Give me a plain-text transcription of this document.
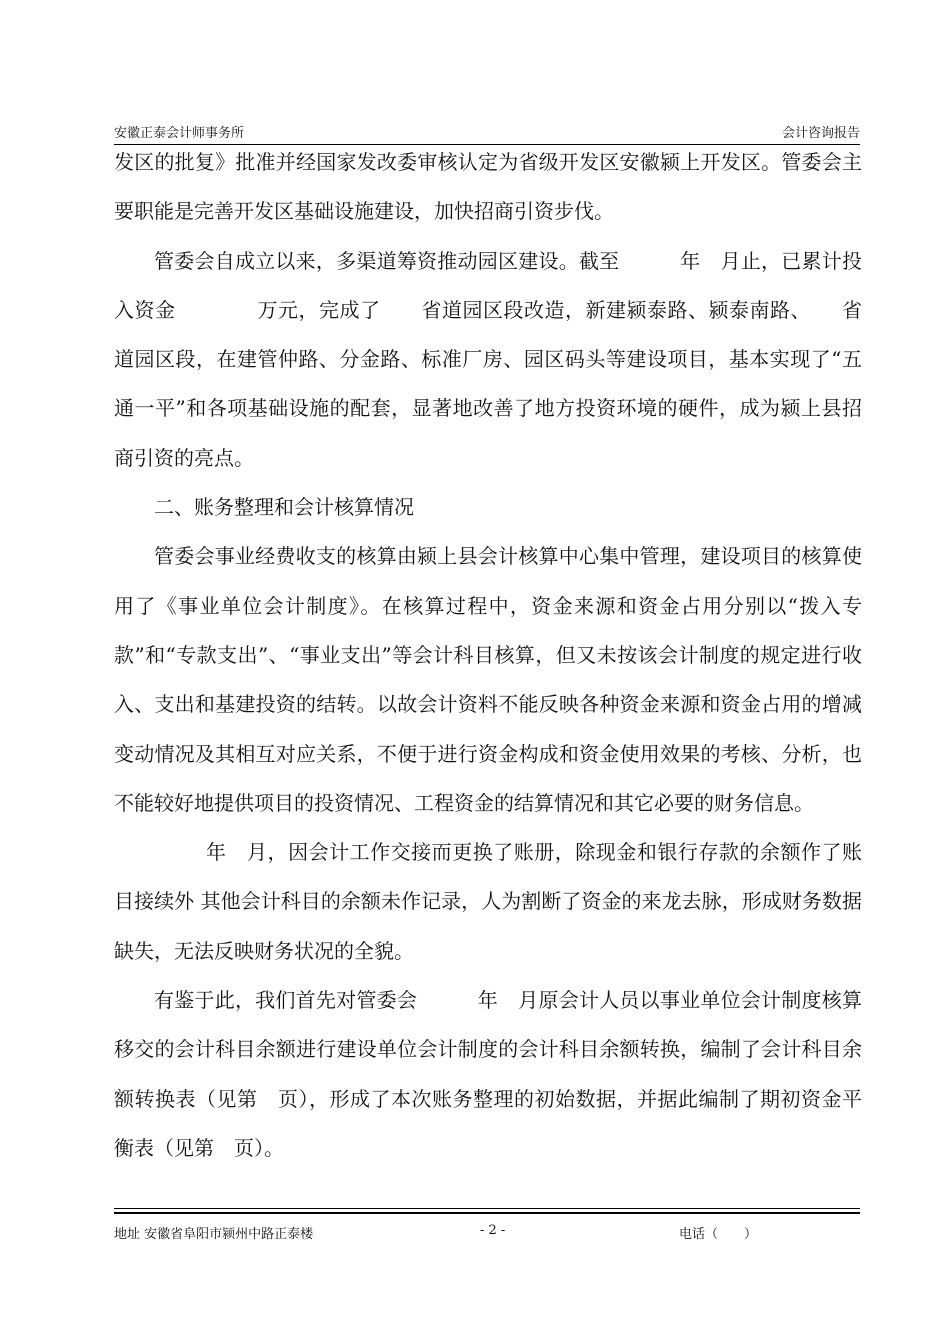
安徽正泰会计师事务所	会计咨询报告

发区的批复》批准并经国家发改委审核认定为省级开发区安徽颍上开发区。管委会主要职能是完善开发区基础设施建设，加快招商引资步伐。

管委会自成立以来，多渠道筹资推动园区建设。截至　　　年　月止，已累计投入资金　　　　万元，完成了　　省道园区段改造，新建颍泰路、颍泰南路、　　省道园区段，在建管仲路、分金路、标准厂房、园区码头等建设项目，基本实现了“五通一平”和各项基础设施的配套，显著地改善了地方投资环境的硬件，成为颍上县招商引资的亮点。

二、账务整理和会计核算情况

管委会事业经费收支的核算由颍上县会计核算中心集中管理，建设项目的核算使用了《事业单位会计制度》。在核算过程中，资金来源和资金占用分别以“拨入专款”和“专款支出”、“事业支出”等会计科目核算，但又未按该会计制度的规定进行收入、支出和基建投资的结转。以故会计资料不能反映各种资金来源和资金占用的增减变动情况及其相互对应关系，不便于进行资金构成和资金使用效果的考核、分析，也不能较好地提供项目的投资情况、工程资金的结算情况和其它必要的财务信息。

年　月，因会计工作交接而更换了账册，除现金和银行存款的余额作了账目接续外 其他会计科目的余额未作记录，人为割断了资金的来龙去脉，形成财务数据缺失，无法反映财务状况的全貌。

有鉴于此，我们首先对管委会　　　年　月原会计人员以事业单位会计制度核算移交的会计科目余额进行建设单位会计制度的会计科目余额转换，编制了会计科目余额转换表（见第　页），形成了本次账务整理的初始数据，并据此编制了期初资金平衡表（见第　页）。

地址 安徽省阜阳市颍州中路正泰楼	- 2 -	电话（　　）
